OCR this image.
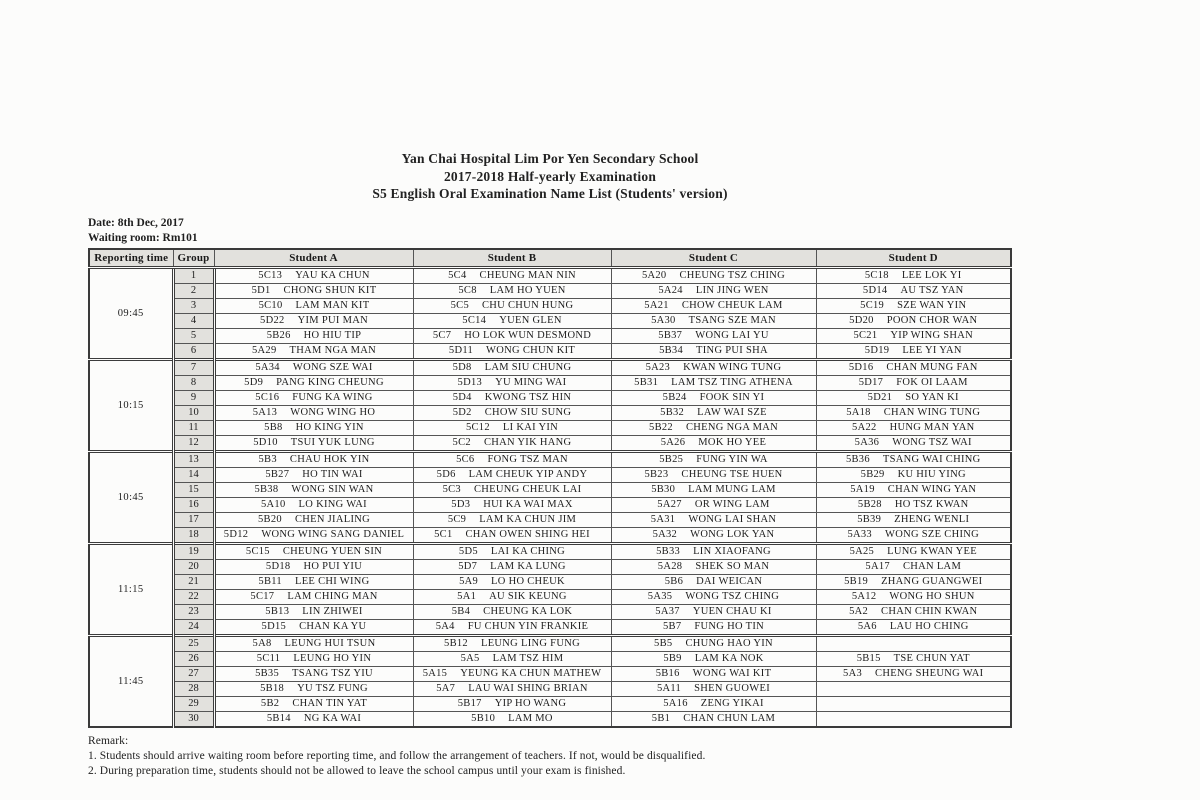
Yan Chai Hospital Lim Por Yen Secondary School
2017-2018 Half-yearly Examination
S5 English Oral Examination Name List (Students' version)
Date: 8th Dec, 2017
Waiting room: Rm101
Reporting time	Group	Student A	Student B	Student C	Student D
09:45	1	5C13 YAU KA CHUN	5C4 CHEUNG MAN NIN	5A20 CHEUNG TSZ CHING	5C18 LEE LOK YI
	2	5D1 CHONG SHUN KIT	5C8 LAM HO YUEN	5A24 LIN JING WEN	5D14 AU TSZ YAN
	3	5C10 LAM MAN KIT	5C5 CHU CHUN HUNG	5A21 CHOW CHEUK LAM	5C19 SZE WAN YIN
	4	5D22 YIM PUI MAN	5C14 YUEN GLEN	5A30 TSANG SZE MAN	5D20 POON CHOR WAN
	5	5B26 HO HIU TIP	5C7 HO LOK WUN DESMOND	5B37 WONG LAI YU	5C21 YIP WING SHAN
	6	5A29 THAM NGA MAN	5D11 WONG CHUN KIT	5B34 TING PUI SHA	5D19 LEE YI YAN
10:15	7	5A34 WONG SZE WAI	5D8 LAM SIU CHUNG	5A23 KWAN WING TUNG	5D16 CHAN MUNG FAN
	8	5D9 PANG KING CHEUNG	5D13 YU MING WAI	5B31 LAM TSZ TING ATHENA	5D17 FOK OI LAAM
	9	5C16 FUNG KA WING	5D4 KWONG TSZ HIN	5B24 FOOK SIN YI	5D21 SO YAN KI
	10	5A13 WONG WING HO	5D2 CHOW SIU SUNG	5B32 LAW WAI SZE	5A18 CHAN WING TUNG
	11	5B8 HO KING YIN	5C12 LI KAI YIN	5B22 CHENG NGA MAN	5A22 HUNG MAN YAN
	12	5D10 TSUI YUK LUNG	5C2 CHAN YIK HANG	5A26 MOK HO YEE	5A36 WONG TSZ WAI
10:45	13	5B3 CHAU HOK YIN	5C6 FONG TSZ MAN	5B25 FUNG YIN WA	5B36 TSANG WAI CHING
	14	5B27 HO TIN WAI	5D6 LAM CHEUK YIP ANDY	5B23 CHEUNG TSE HUEN	5B29 KU HIU YING
	15	5B38 WONG SIN WAN	5C3 CHEUNG CHEUK LAI	5B30 LAM MUNG LAM	5A19 CHAN WING YAN
	16	5A10 LO KING WAI	5D3 HUI KA WAI MAX	5A27 OR WING LAM	5B28 HO TSZ KWAN
	17	5B20 CHEN JIALING	5C9 LAM KA CHUN JIM	5A31 WONG LAI SHAN	5B39 ZHENG WENLI
	18	5D12 WONG WING SANG DANIEL	5C1 CHAN OWEN SHING HEI	5A32 WONG LOK YAN	5A33 WONG SZE CHING
11:15	19	5C15 CHEUNG YUEN SIN	5D5 LAI KA CHING	5B33 LIN XIAOFANG	5A25 LUNG KWAN YEE
	20	5D18 HO PUI YIU	5D7 LAM KA LUNG	5A28 SHEK SO MAN	5A17 CHAN LAM
	21	5B11 LEE CHI WING	5A9 LO HO CHEUK	5B6 DAI WEICAN	5B19 ZHANG GUANGWEI
	22	5C17 LAM CHING MAN	5A1 AU SIK KEUNG	5A35 WONG TSZ CHING	5A12 WONG HO SHUN
	23	5B13 LIN ZHIWEI	5B4 CHEUNG KA LOK	5A37 YUEN CHAU KI	5A2 CHAN CHIN KWAN
	24	5D15 CHAN KA YU	5A4 FU CHUN YIN FRANKIE	5B7 FUNG HO TIN	5A6 LAU HO CHING
11:45	25	5A8 LEUNG HUI TSUN	5B12 LEUNG LING FUNG	5B5 CHUNG HAO YIN	
	26	5C11 LEUNG HO YIN	5A5 LAM TSZ HIM	5B9 LAM KA NOK	5B15 TSE CHUN YAT
	27	5B35 TSANG TSZ YIU	5A15 YEUNG KA CHUN MATHEW	5B16 WONG WAI KIT	5A3 CHENG SHEUNG WAI
	28	5B18 YU TSZ FUNG	5A7 LAU WAI SHING BRIAN	5A11 SHEN GUOWEI	
	29	5B2 CHAN TIN YAT	5B17 YIP HO WANG	5A16 ZENG YIKAI	
	30	5B14 NG KA WAI	5B10 LAM MO	5B1 CHAN CHUN LAM	
Remark:
1. Students should arrive waiting room before reporting time, and follow the arrangement of teachers. If not, would be disqualified.
2. During preparation time, students should not be allowed to leave the school campus until your exam is finished.
